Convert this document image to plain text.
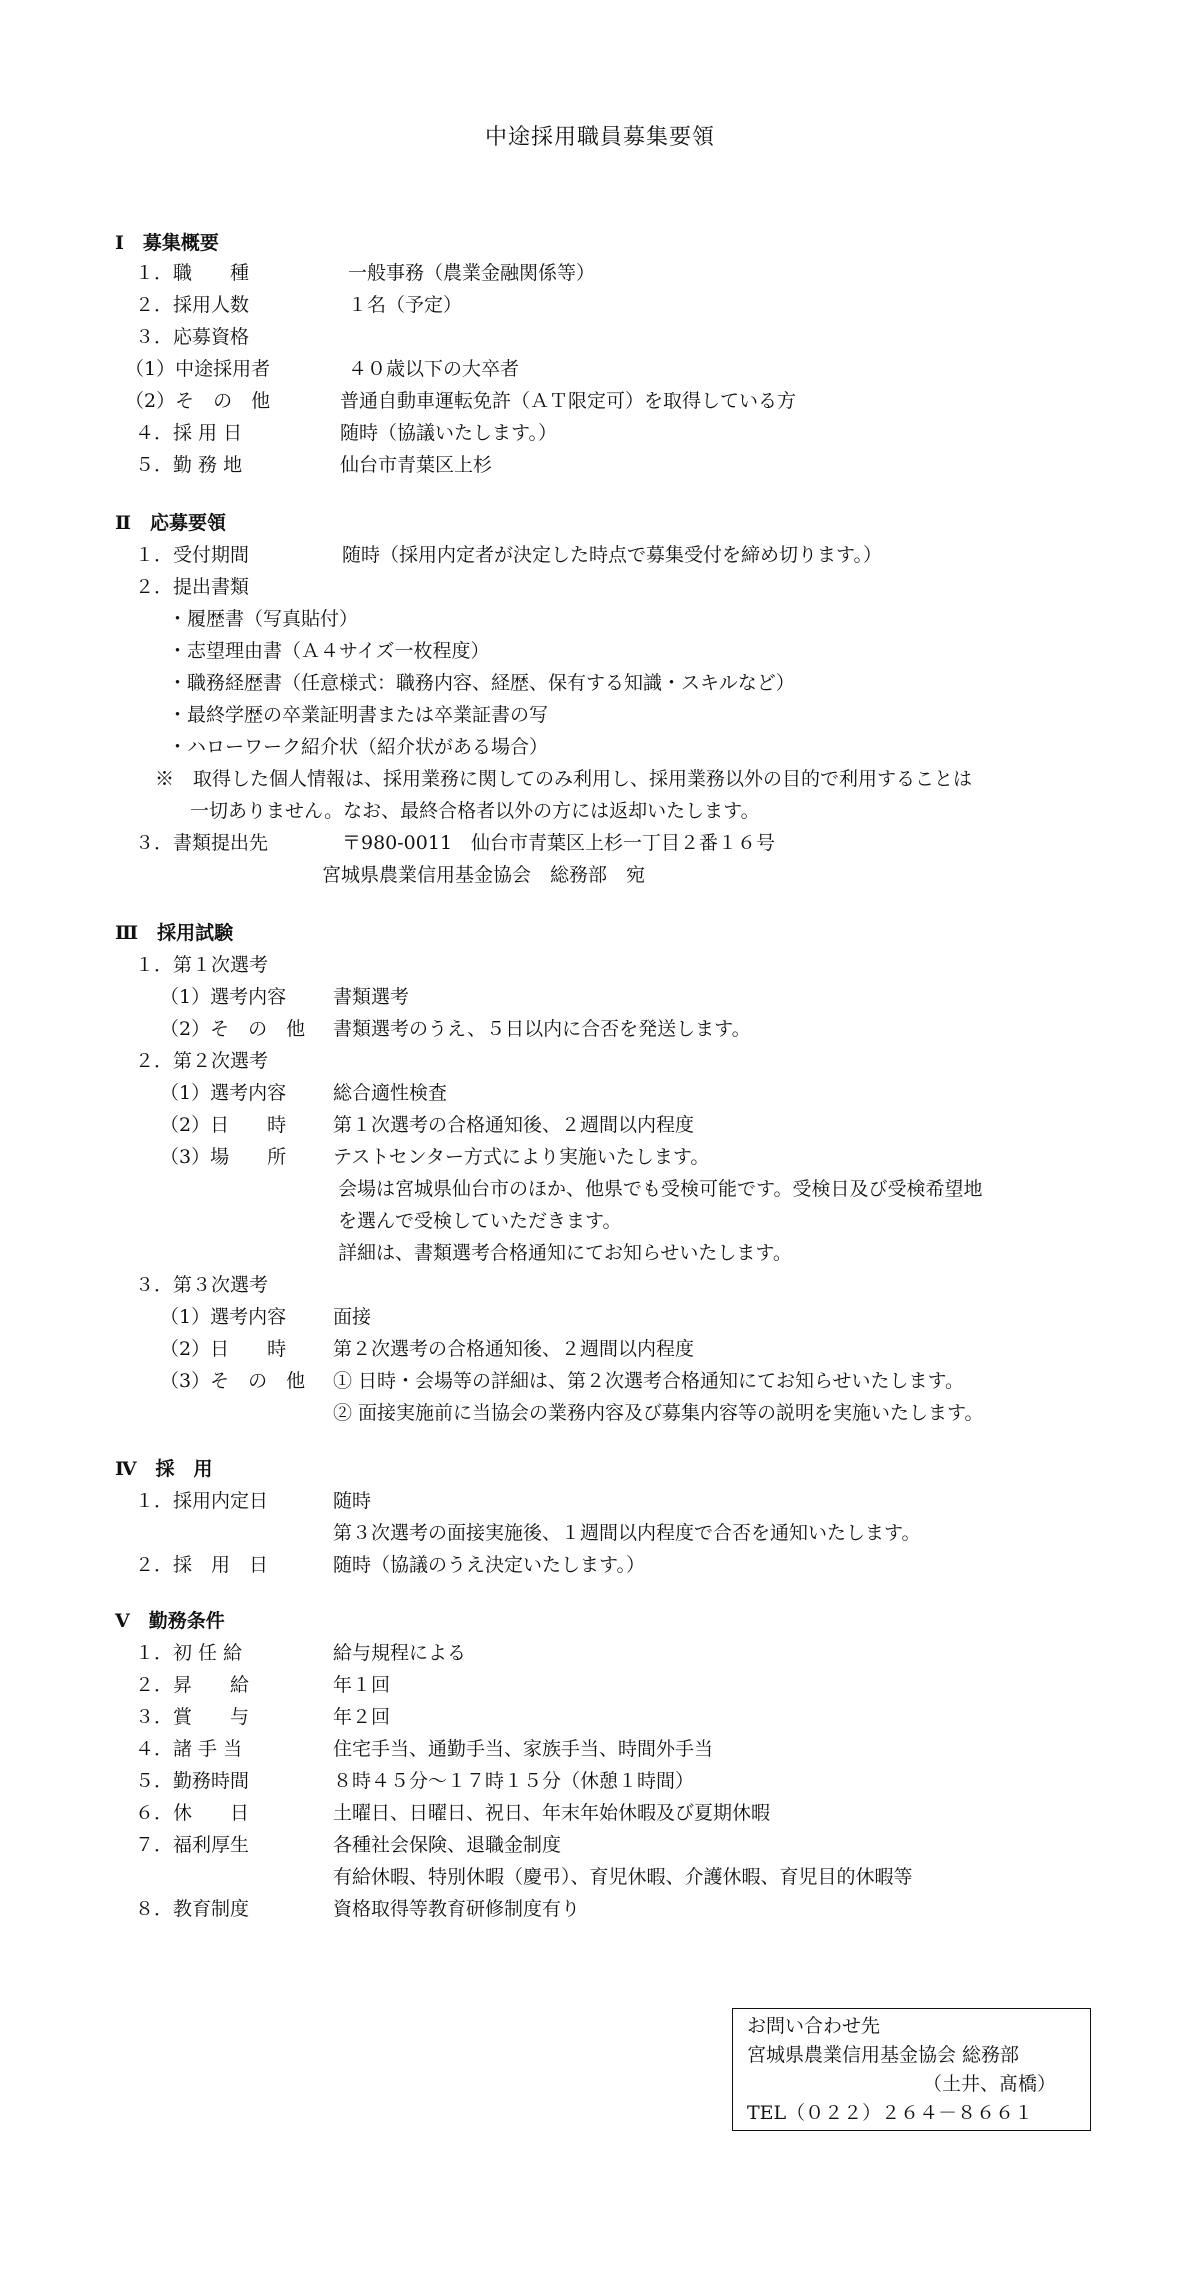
中途採用職員募集要領
Ⅰ　募集概要
１．職　　種	一般事務（農業金融関係等）
２．採用人数	１名（予定）
３．応募資格
（1）中途採用者	４０歳以下の大卒者
（2）そ　の　他	普通自動車運転免許（ＡＴ限定可）を取得している方
４．採 用 日	随時（協議いたします。）
５．勤 務 地	仙台市青葉区上杉
Ⅱ　応募要領
１．受付期間	随時（採用内定者が決定した時点で募集受付を締め切ります。）
２．提出書類
・履歴書（写真貼付）
・志望理由書（Ａ４サイズ一枚程度）
・職務経歴書（任意様式：職務内容、経歴、保有する知識・スキルなど）
・最終学歴の卒業証明書または卒業証書の写
・ハローワーク紹介状（紹介状がある場合）
※　取得した個人情報は、採用業務に関してのみ利用し、採用業務以外の目的で利用することは
一切ありません。なお、最終合格者以外の方には返却いたします。
３．書類提出先	〒980-0011　仙台市青葉区上杉一丁目２番１６号
宮城県農業信用基金協会　総務部　宛
Ⅲ　採用試験
１．第１次選考
（1）選考内容 書類選考
（2）そ　の　他 書類選考のうえ、５日以内に合否を発送します。
２．第２次選考
（1）選考内容 総合適性検査
（2）日　　時 第１次選考の合格通知後、２週間以内程度
（3）場　　所 テストセンター方式により実施いたします。
会場は宮城県仙台市のほか、他県でも受検可能です。受検日及び受検希望地
を選んで受検していただきます。
詳細は、書類選考合格通知にてお知らせいたします。
３．第３次選考
（1）選考内容 面接
（2）日　　時 第２次選考の合格通知後、２週間以内程度
（3）そ　の　他 ① 日時・会場等の詳細は、第２次選考合格通知にてお知らせいたします。
② 面接実施前に当協会の業務内容及び募集内容等の説明を実施いたします。
Ⅳ　採　用
１．採用内定日	随時
第３次選考の面接実施後、１週間以内程度で合否を通知いたします。
２．採　用　日	随時（協議のうえ決定いたします。）
Ⅴ　勤務条件
１．初 任 給	給与規程による
２．昇　　給	年１回
３．賞　　与	年２回
４．諸 手 当	住宅手当、通勤手当、家族手当、時間外手当
５．勤務時間	８時４５分～１７時１５分（休憩１時間）
６．休　　日	土曜日、日曜日、祝日、年末年始休暇及び夏期休暇
７．福利厚生	各種社会保険、退職金制度
有給休暇、特別休暇（慶弔）、育児休暇、介護休暇、育児目的休暇等
８．教育制度	資格取得等教育研修制度有り
お問い合わせ先
宮城県農業信用基金協会 総務部
（土井、髙橋）
TEL（０２２）２６４－８６６１
